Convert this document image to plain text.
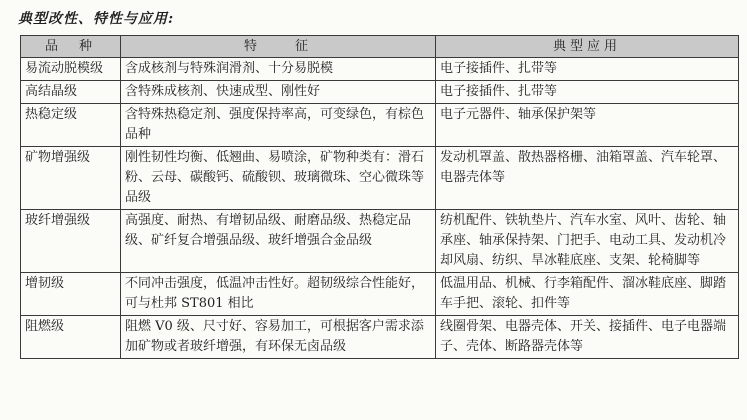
典型改性、特性与应用:
品　种	特　　征	典型应用
易流动脱模级	含成核剂与特殊润滑剂、十分易脱模	电子接插件、扎带等
高结晶级	含特殊成核剂、快速成型、刚性好	电子接插件、扎带等
热稳定级	含特殊热稳定剂、强度保持率高，可变绿色，有棕色品种	电子元器件、轴承保护架等
矿物增强级	刚性韧性均衡、低翘曲、易喷涂，矿物种类有：滑石粉、云母、碳酸钙、硫酸钡、玻璃微珠、空心微珠等品级	发动机罩盖、散热器格栅、油箱罩盖、汽车轮罩、电器壳体等
玻纤增强级	高强度、耐热、有增韧品级、耐磨品级、热稳定品级、矿纤复合增强品级、玻纤增强合金品级	纺机配件、铁轨垫片、汽车水室、风叶、齿轮、轴承座、轴承保持架、门把手、电动工具、发动机冷却风扇、纺织、旱冰鞋底座、支架、轮椅脚等
增韧级	不同冲击强度，低温冲击性好。超韧级综合性能好，可与杜邦 ST801 相比	低温用品、机械、行李箱配件、溜冰鞋底座、脚踏车手把、滚轮、扣件等
阻燃级	阻燃 V0 级、尺寸好、容易加工，可根据客户需求添加矿物或者玻纤增强，有环保无卤品级	线圈骨架、电器壳体、开关、接插件、电子电器端子、壳体、断路器壳体等
